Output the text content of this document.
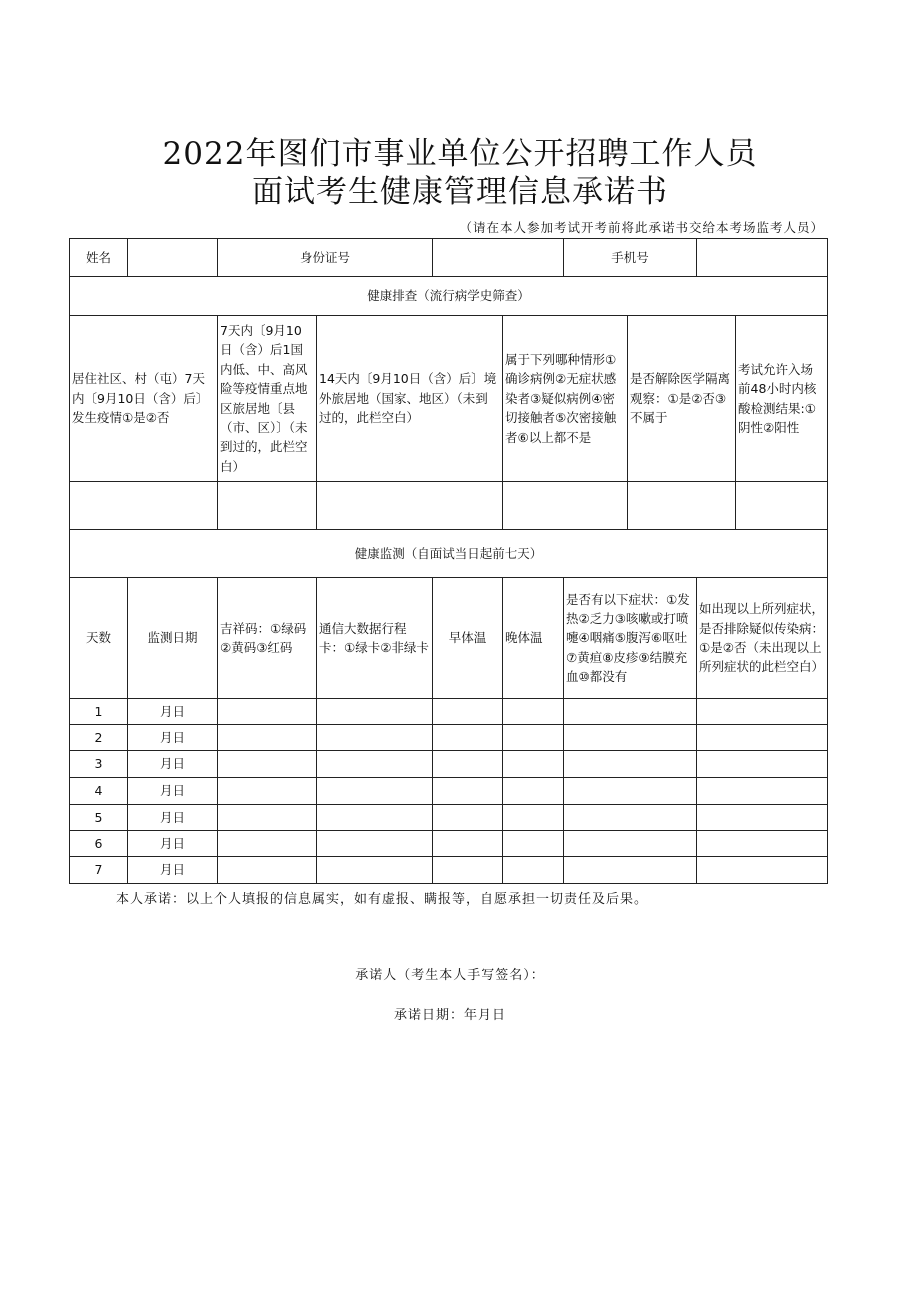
2022年图们市事业单位公开招聘工作人员
面试考生健康管理信息承诺书
（请在本人参加考试开考前将此承诺书交给本考场监考人员）
姓名		身份证号				手机号			
健康排查（流行病学史筛查）									
居住社区、村（屯）7天内〔9月10日（含）后〕发生疫情①是②否		7天内〔9月10日（含）后1国内低、中、高风险等疫情重点地区旅居地〔县（市、区）〕（未到过的，此栏空白）	14天内〔9月10日（含）后〕境外旅居地（国家、地区）（未到过的，此栏空白）		属于下列哪种情形①确诊病例②无症状感染者③疑似病例④密切接触者⑤次密接触者⑥以上都不是		是否解除医学隔离观察：①是②否③不属于		考试允许入场前48小时内核酸检测结果:①阴性②阳性

健康监测（自面试当日起前七天）									
天数	监测日期	吉祥码：①绿码②黄码③红码	通信大数据行程卡：①绿卡②非绿卡	早体温	晚体温	是否有以下症状：①发热②乏力③咳嗽或打喷嚏④咽痛⑤腹泻⑥呕吐⑦黄疸⑧皮疹⑨结膜充血⑩都没有		如出现以上所列症状，是否排除疑似传染病：①是②否（未出现以上所列症状的此栏空白）	
1	月日								
2	月日								
3	月日								
4	月日								
5	月日								
6	月日								
7	月日								
本人承诺：以上个人填报的信息属实，如有虚报、瞒报等，自愿承担一切责任及后果。
承诺人（考生本人手写签名）：
承诺日期：年月日
